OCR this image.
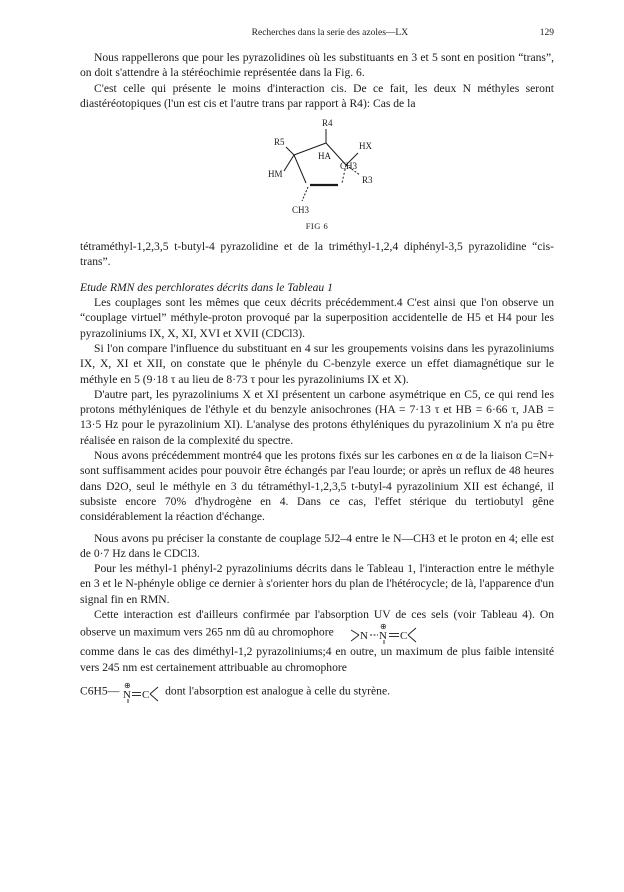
Recherches dans la serie des azoles—LX	129

Nous rappellerons que pour les pyrazolidines où les substituants en 3 et 5 sont en position “trans”, on doit s'attendre à la stéréochimie représentée dans la Fig. 6.

C'est celle qui présente le moins d'interaction cis. De ce fait, les deux N méthyles seront diastéréotopiques (l'un est cis et l'autre trans par rapport à R4): Cas de la

R4
R5	HX
HA
CH3
HM
R3
CH3
FIG 6

tétraméthyl-1,2,3,5 t-butyl-4 pyrazolidine et de la triméthyl-1,2,4 diphényl-3,5 pyrazolidine “cis-trans”.

Etude RMN des perchlorates décrits dans le Tableau 1

Les couplages sont les mêmes que ceux décrits précédemment.4 C'est ainsi que l'on observe un “couplage virtuel” méthyle-proton provoqué par la superposition accidentelle de H5 et H4 pour les pyrazoliniums IX, X, XI, XVI et XVII (CDCl3).

Si l'on compare l'influence du substituant en 4 sur les groupements voisins dans les pyrazoliniums IX, X, XI et XII, on constate que le phényle du C-benzyle exerce un effet diamagnétique sur le méthyle en 5 (9·18 τ au lieu de 8·73 τ pour les pyrazoliniums IX et X).

D'autre part, les pyrazoliniums X et XI présentent un carbone asymétrique en C5, ce qui rend les protons méthyléniques de l'éthyle et du benzyle anisochrones (HA = 7·13 τ et HB = 6·66 τ, JAB = 13·5 Hz pour le pyrazolinium XI). L'analyse des protons éthyléniques du pyrazolinium X n'a pu être réalisée en raison de la complexité du spectre.

Nous avons précédemment montré4 que les protons fixés sur les carbones en α de la liaison C=N+ sont suffisamment acides pour pouvoir être échangés par l'eau lourde; or après un reflux de 48 heures dans D2O, seul le méthyle en 3 du tétraméthyl-1,2,3,5 t-butyl-4 pyrazolinium XII est échangé, il subsiste encore 70% d'hydrogène en 4. Dans ce cas, l'effet stérique du tertiobutyl gêne considérablement la réaction d'échange.

Nous avons pu préciser la constante de couplage 5J2–4 entre le N—CH3 et le proton en 4; elle est de 0·7 Hz dans le CDCl3.

Pour les méthyl-1 phényl-2 pyrazoliniums décrits dans le Tableau 1, l'interaction entre le méthyle en 3 et le N-phényle oblige ce dernier à s'orienter hors du plan de l'hétérocycle; de là, l'apparence d'un signal fin en RMN.

Cette interaction est d'ailleurs confirmée par l'absorption UV de ces sels (voir Tableau 4). On observe un maximum vers 265 nm dû au chromophore N
⊕
N C

comme dans le cas des diméthyl-1,2 pyrazoliniums;4 en outre, un maximum de plus faible intensité vers 245 nm est certainement attribuable au chromophore

C6H5— ⊕
N C dont l'absorption est analogue à celle du styrène.
